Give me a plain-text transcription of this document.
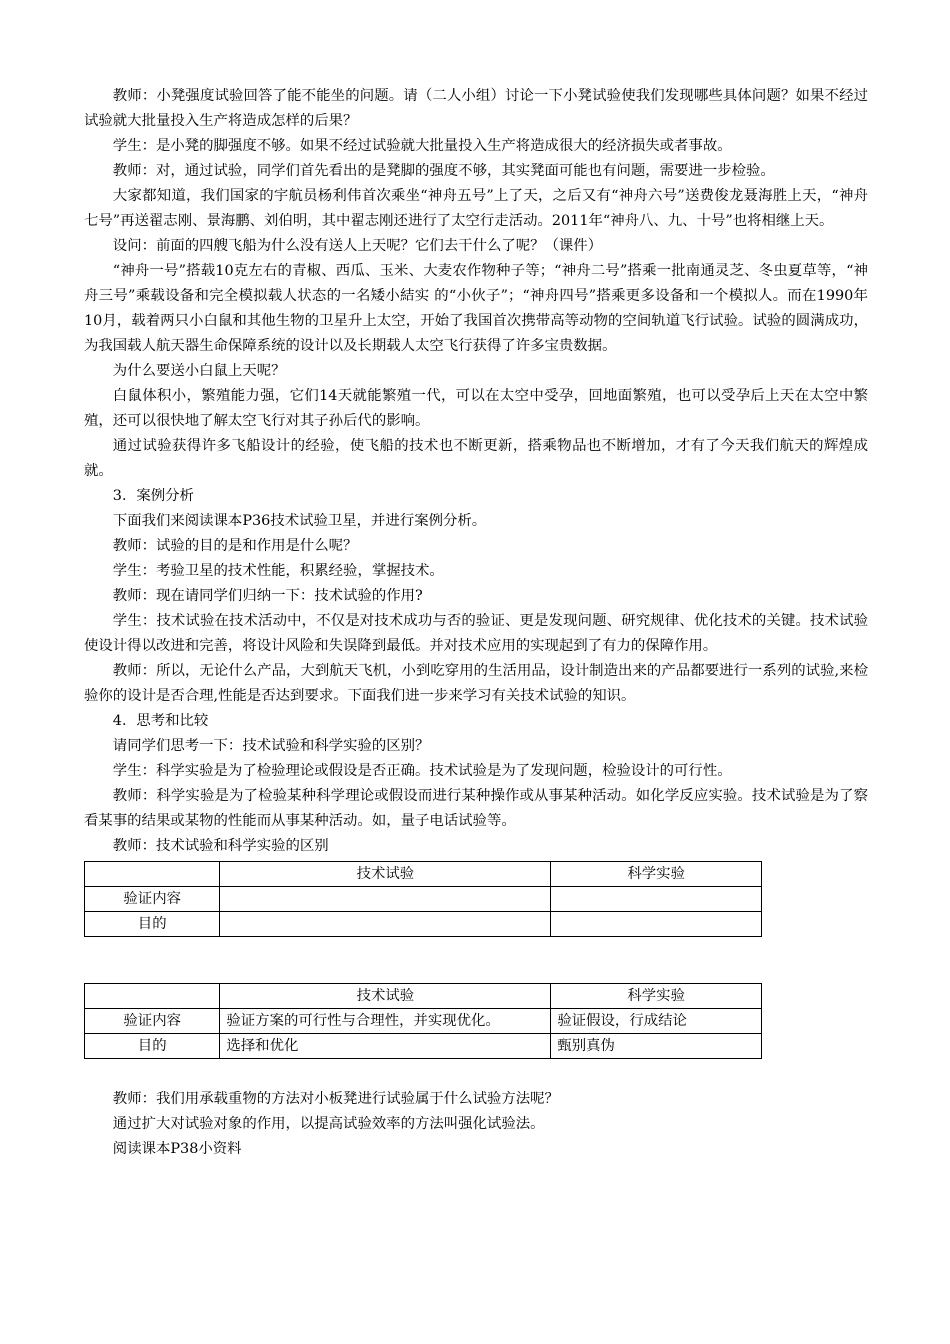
教师：小凳强度试验回答了能不能坐的问题。请（二人小组）讨论一下小凳试验使我们发现哪些具体问题？如果不经过试验就大批量投入生产将造成怎样的后果？

学生：是小凳的脚强度不够。如果不经过试验就大批量投入生产将造成很大的经济损失或者事故。

教师：对，通过试验，同学们首先看出的是凳脚的强度不够，其实凳面可能也有问题，需要进一步检验。

大家都知道，我们国家的宇航员杨利伟首次乘坐“神舟五号”上了天，之后又有“神舟六号”送费俊龙聂海胜上天，“神舟七号”再送翟志刚、景海鹏、刘伯明，其中翟志刚还进行了太空行走活动。2011年“神舟八、九、十号”也将相继上天。

设问：前面的四艘飞船为什么没有送人上天呢？它们去干什么了呢？（课件）

“神舟一号”搭载10克左右的青椒、西瓜、玉米、大麦农作物种子等；“神舟二号”搭乘一批南通灵芝、冬虫夏草等，“神舟三号”乘载设备和完全模拟载人状态的一名矮小結实 的“小伙子”；“神舟四号”搭乘更多设备和一个模拟人。而在1990年10月，载着两只小白鼠和其他生物的卫星升上太空，开始了我国首次携带高等动物的空间轨道飞行试验。试验的圆满成功，为我国载人航天器生命保障系统的设计以及长期载人太空飞行获得了许多宝贵数据。

为什么要送小白鼠上天呢？

白鼠体积小，繁殖能力强，它们14天就能繁殖一代，可以在太空中受孕，回地面繁殖，也可以受孕后上天在太空中繁殖，还可以很快地了解太空飞行对其子孙后代的影响。

通过试验获得许多飞船设计的经验，使飞船的技术也不断更新，搭乘物品也不断增加，才有了今天我们航天的辉煌成就。

3．案例分析

下面我们来阅读课本P36技术试验卫星，并进行案例分析。

教师：试验的目的是和作用是什么呢？

学生：考验卫星的技术性能，积累经验，掌握技术。

教师：现在请同学们归纳一下：技术试验的作用?

学生：技术试验在技术活动中，不仅是对技术成功与否的验证、更是发现问题、研究规律、优化技术的关键。技术试验使设计得以改进和完善，将设计风险和失误降到最低。并对技术应用的实现起到了有力的保障作用。

教师：所以，无论什么产品，大到航天飞机，小到吃穿用的生活用品，设计制造出来的产品都要进行一系列的试验,来检验你的设计是否合理,性能是否达到要求。下面我们进一步来学习有关技术试验的知识。

4．思考和比较

请同学们思考一下：技术试验和科学实验的区别？

学生：科学实验是为了检验理论或假设是否正确。技术试验是为了发现问题，检验设计的可行性。

教师：科学实验是为了检验某种科学理论或假设而进行某种操作或从事某种活动。如化学反应实验。技术试验是为了察看某事的结果或某物的性能而从事某种活动。如，量子电话试验等。

教师：技术试验和科学实验的区别

	技术试验	科学实验
验证内容		
目的		
	技术试验	科学实验
验证内容	验证方案的可行性与合理性，并实现优化。	验证假设，行成结论
目的	选择和优化	甄别真伪

教师：我们用承载重物的方法对小板凳进行试验属于什么试验方法呢？

通过扩大对试验对象的作用，以提高试验效率的方法叫强化试验法。

阅读课本P38小资料
